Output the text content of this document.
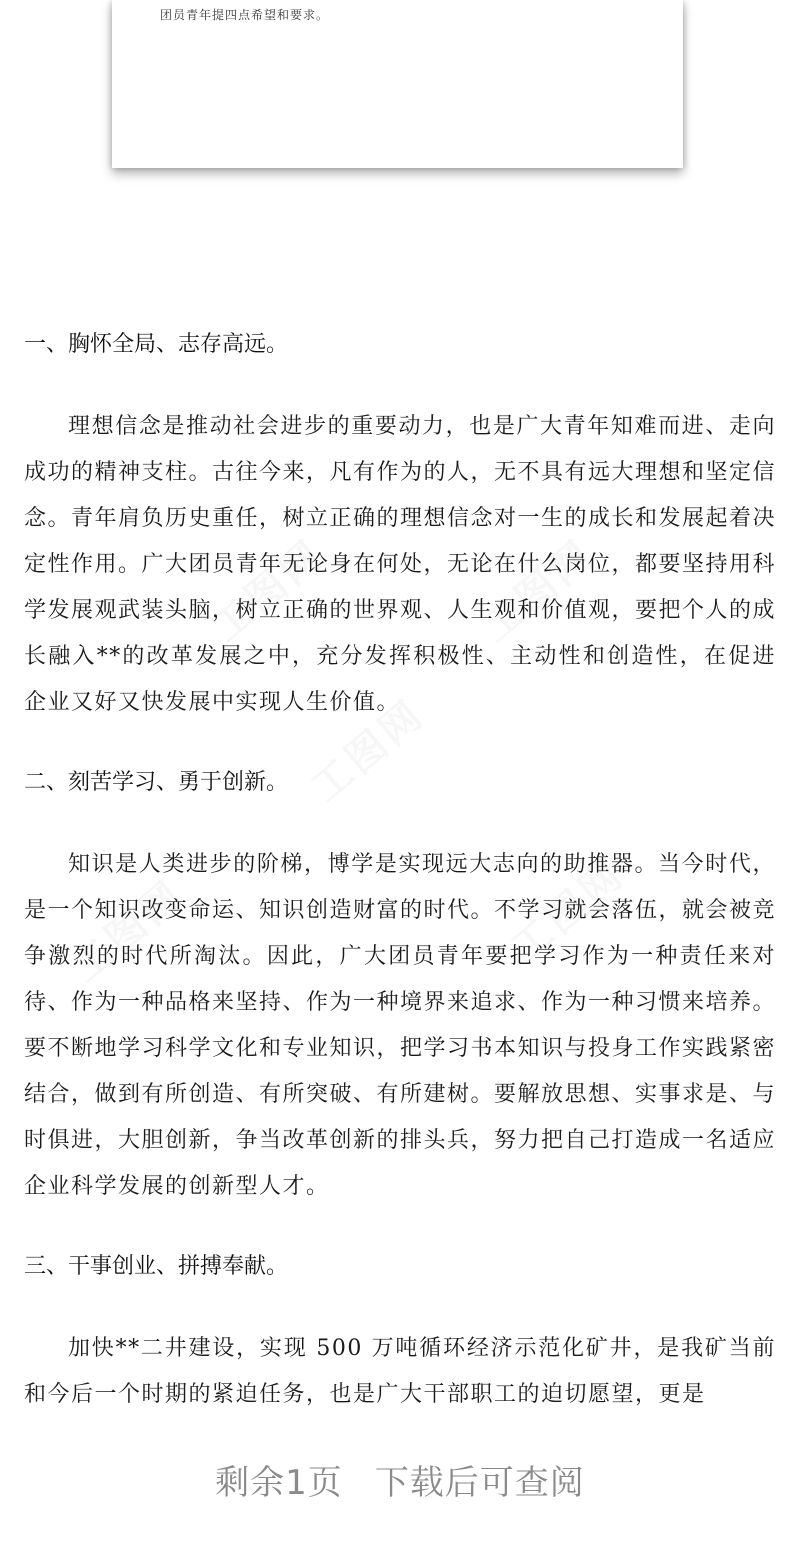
团员青年提四点希望和要求。
一、胸怀全局、志存高远。

理想信念是推动社会进步的重要动力，也是广大青年知难而进、走向成功的精神支柱。古往今来，凡有作为的人，无不具有远大理想和坚定信念。青年肩负历史重任，树立正确的理想信念对一生的成长和发展起着决定性作用。广大团员青年无论身在何处，无论在什么岗位，都要坚持用科学发展观武装头脑，树立正确的世界观、人生观和价值观，要把个人的成长融入**的改革发展之中，充分发挥积极性、主动性和创造性，在促进企业又好又快发展中实现人生价值。

二、刻苦学习、勇于创新。

知识是人类进步的阶梯，博学是实现远大志向的助推器。当今时代，是一个知识改变命运、知识创造财富的时代。不学习就会落伍，就会被竞争激烈的时代所淘汰。因此，广大团员青年要把学习作为一种责任来对待、作为一种品格来坚持、作为一种境界来追求、作为一种习惯来培养。要不断地学习科学文化和专业知识，把学习书本知识与投身工作实践紧密结合，做到有所创造、有所突破、有所建树。要解放思想、实事求是、与时俱进，大胆创新，争当改革创新的排头兵，努力把自己打造成一名适应企业科学发展的创新型人才。

三、干事创业、拼搏奉献。

加快**二井建设，实现 500 万吨循环经济示范化矿井，是我矿当前和今后一个时期的紧迫任务，也是广大干部职工的迫切愿望，更是

剩余1页 下载后可查阅
